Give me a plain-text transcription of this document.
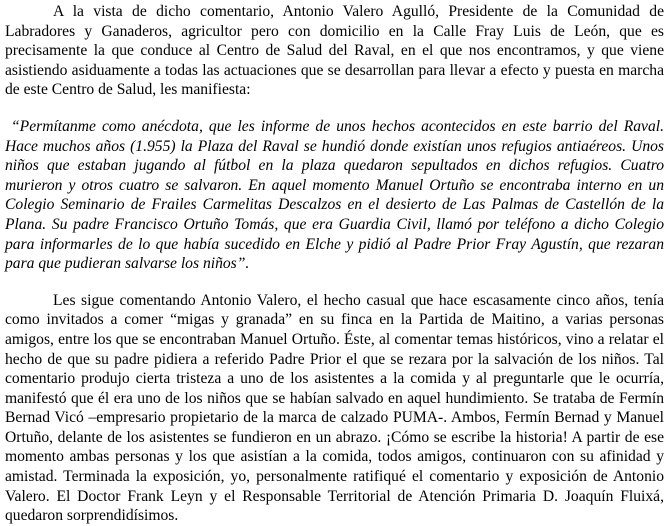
A la vista de dicho comentario, Antonio Valero Agulló, Presidente de la Comunidad de Labradores y Ganaderos, agricultor pero con domicilio en la Calle Fray Luis de León, que es precisamente la que conduce al Centro de Salud del Raval, en el que nos encontramos, y que viene asistiendo asiduamente a todas las actuaciones que se desarrollan para llevar a efecto y puesta en marcha de este Centro de Salud, les manifiesta:

“Permítanme como anécdota, que les informe de unos hechos acontecidos en este barrio del Raval. Hace muchos años (1.955) la Plaza del Raval se hundió donde existían unos refugios antiaéreos. Unos niños que estaban jugando al fútbol en la plaza quedaron sepultados en dichos refugios. Cuatro murieron y otros cuatro se salvaron. En aquel momento Manuel Ortuño se encontraba interno en un Colegio Seminario de Frailes Carmelitas Descalzos en el desierto de Las Palmas de Castellón de la Plana. Su padre Francisco Ortuño Tomás, que era Guardia Civil, llamó por teléfono a dicho Colegio para informarles de lo que había sucedido en Elche y pidió al Padre Prior Fray Agustín, que rezaran para que pudieran salvarse los niños”.

Les sigue comentando Antonio Valero, el hecho casual que hace escasamente cinco años, tenía como invitados a comer “migas y granada” en su finca en la Partida de Maitino, a varias personas amigos, entre los que se encontraban Manuel Ortuño. Éste, al comentar temas históricos, vino a relatar el hecho de que su padre pidiera a referido Padre Prior el que se rezara por la salvación de los niños. Tal comentario produjo cierta tristeza a uno de los asistentes a la comida y al preguntarle que le ocurría, manifestó que él era uno de los niños que se habían salvado en aquel hundimiento. Se trataba de Fermín Bernad Vicó –empresario propietario de la marca de calzado PUMA-. Ambos, Fermín Bernad y Manuel Ortuño, delante de los asistentes se fundieron en un abrazo. ¡Cómo se escribe la historia! A partir de ese momento ambas personas y los que asistían a la comida, todos amigos, continuaron con su afinidad y amistad. Terminada la exposición, yo, personalmente ratifiqué el comentario y exposición de Antonio Valero. El Doctor Frank Leyn y el Responsable Territorial de Atención Primaria D. Joaquín Fluixá, quedaron sorprendidísimos.
